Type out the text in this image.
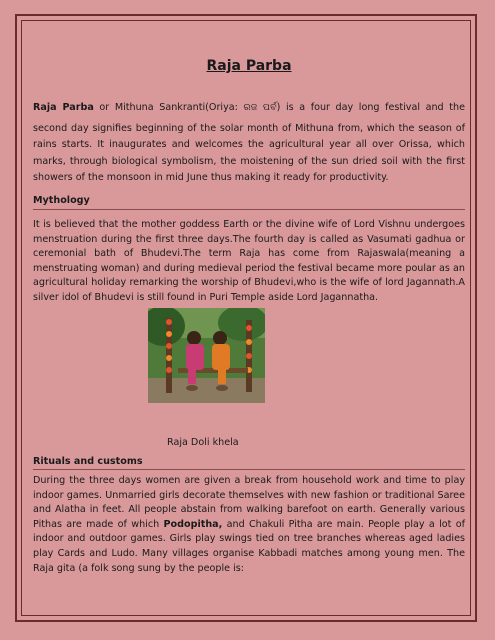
Raja Parba
Raja Parba or Mithuna Sankranti(Oriya: ରଜ ପର୍ବ) is a four day long festival and the
second day signifies beginning of the solar month of Mithuna from, which the season of rains starts. It inaugurates and welcomes the agricultural year all over Orissa, which marks, through biological symbolism, the moistening of the sun dried soil with the first showers of the monsoon in mid June thus making it ready for productivity.
Mythology
It is believed that the mother goddess Earth or the divine wife of Lord Vishnu undergoes menstruation during the first three days.The fourth day is called as Vasumati gadhua or ceremonial bath of Bhudevi.The term Raja has come from Rajaswala(meaning a menstruating woman) and during medieval period the festival became more poular as an agricultural holiday remarking the worship of Bhudevi,who is the wife of lord Jagannath.A silver idol of Bhudevi is still found in Puri Temple aside Lord Jagannatha.
Raja Doli khela
Rituals and customs
During the three days women are given a break from household work and time to play indoor games. Unmarried girls decorate themselves with new fashion or traditional Saree and Alatha in feet. All people abstain from walking barefoot on earth. Generally various Pithas are made of which Podopitha, and Chakuli Pitha are main. People play a lot of indoor and outdoor games. Girls play swings tied on tree branches whereas aged ladies play Cards and Ludo. Many villages organise Kabbadi matches among young men. The Raja gita (a folk song sung by the people is:
